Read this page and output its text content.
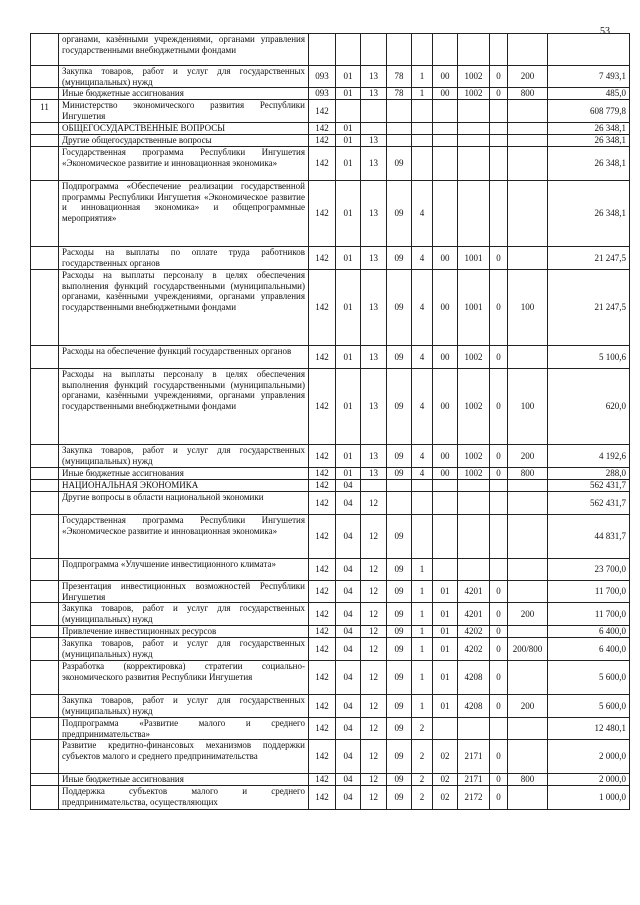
53
	органами, казёнными учреждениями, органами управления государственными внебюджетными фондами										
	Закупка товаров, работ и услуг для государственных (муниципальных) нужд	093	01	13	78	1	00	1002	0	200	7 493,1
	Иные бюджетные ассигнования	093	01	13	78	1	00	1002	0	800	485,0
11	Министерство экономического развития Республики Ингушетия	142									608 779,8
	ОБЩЕГОСУДАРСТВЕННЫЕ ВОПРОСЫ	142	01								26 348,1
	Другие общегосударственные вопросы	142	01	13							26 348,1
	Государственная программа Республики Ингушетия «Экономическое развитие и инновационная экономика»	142	01	13	09						26 348,1
	Подпрограмма «Обеспечение реализации государственной программы Республики Ингушетия «Экономическое развитие и инновационная экономика» и общепрограммные мероприятия»	142	01	13	09	4					26 348,1
	Расходы на выплаты по оплате труда работников государственных органов	142	01	13	09	4	00	1001	0		21 247,5
	Расходы на выплаты персоналу в целях обеспечения выполнения функций государственными (муниципальными) органами, казёнными учреждениями, органами управления государственными внебюджетными фондами	142	01	13	09	4	00	1001	0	100	21 247,5
	Расходы на обеспечение функций государственных органов	142	01	13	09	4	00	1002	0		5 100,6
	Расходы на выплаты персоналу в целях обеспечения выполнения функций государственными (муниципальными) органами, казёнными учреждениями, органами управления государственными внебюджетными фондами	142	01	13	09	4	00	1002	0	100	620,0
	Закупка товаров, работ и услуг для государственных (муниципальных) нужд	142	01	13	09	4	00	1002	0	200	4 192,6
	Иные бюджетные ассигнования	142	01	13	09	4	00	1002	0	800	288,0
	НАЦИОНАЛЬНАЯ ЭКОНОМИКА	142	04								562 431,7
	Другие вопросы в области национальной экономики	142	04	12							562 431,7
	Государственная программа Республики Ингушетия «Экономическое развитие и инновационная экономика»	142	04	12	09						44 831,7
	Подпрограмма «Улучшение инвестиционного климата»	142	04	12	09	1					23 700,0
	Презентация инвестиционных возможностей Республики Ингушетия	142	04	12	09	1	01	4201	0		11 700,0
	Закупка товаров, работ и услуг для государственных (муниципальных) нужд	142	04	12	09	1	01	4201	0	200	11 700,0
	Привлечение инвестиционных ресурсов	142	04	12	09	1	01	4202	0		6 400,0
	Закупка товаров, работ и услуг для государственных (муниципальных) нужд	142	04	12	09	1	01	4202	0	200/800	6 400,0
	Разработка (корректировка) стратегии социально-экономического развития Республики Ингушетия	142	04	12	09	1	01	4208	0		5 600,0
	Закупка товаров, работ и услуг для государственных (муниципальных) нужд	142	04	12	09	1	01	4208	0	200	5 600,0
	Подпрограмма «Развитие малого и среднего предпринимательства»	142	04	12	09	2					12 480,1
	Развитие кредитно-финансовых механизмов поддержки субъектов малого и среднего предпринимательства	142	04	12	09	2	02	2171	0		2 000,0
	Иные бюджетные ассигнования	142	04	12	09	2	02	2171	0	800	2 000,0
	Поддержка субъектов малого и среднего предпринимательства, осуществляющих	142	04	12	09	2	02	2172	0		1 000,0
